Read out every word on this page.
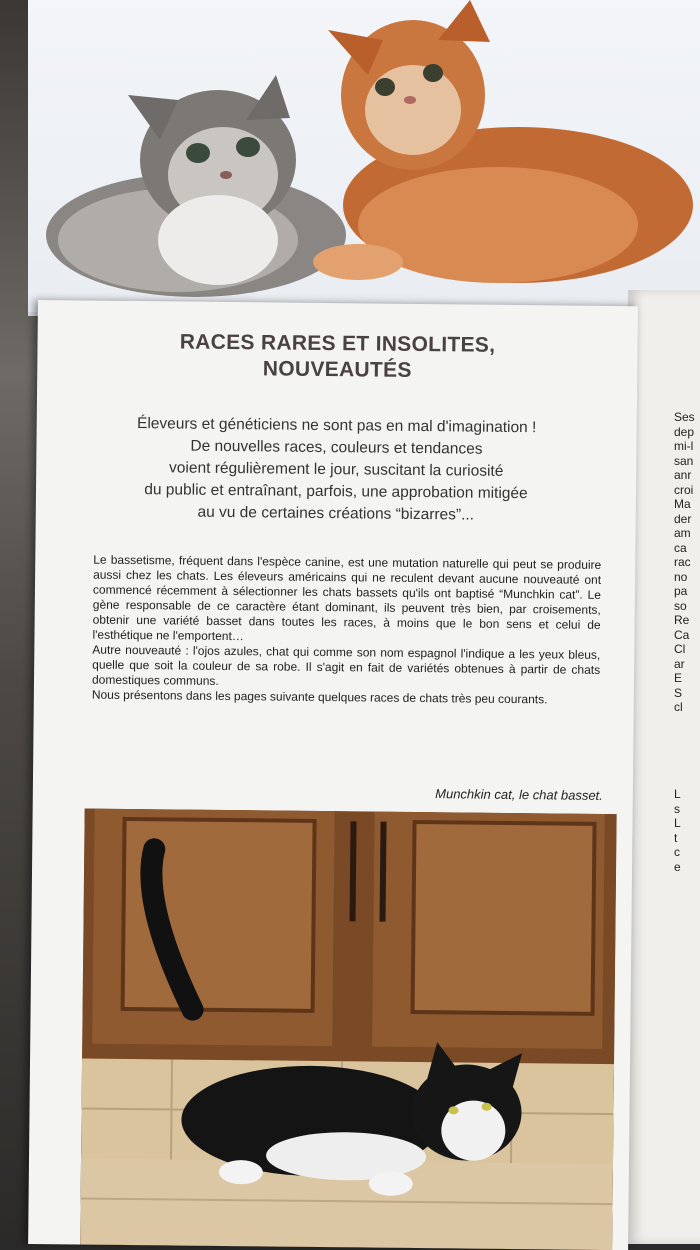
Ses
dep
mi-l
san
anr
croi
Ma
der
am
ca
rac
no
pa
so
Re
Ca
Cl
ar
E
S
cl

L
s
L
t
c
e
RACES RARES ET INSOLITES,
NOUVEAUTÉS
Éleveurs et généticiens ne sont pas en mal d'imagination !
De nouvelles races, couleurs et tendances
voient régulièrement le jour, suscitant la curiosité
du public et entraînant, parfois, une approbation mitigée
au vu de certaines créations “bizarres”...

Le bassetisme, fréquent dans l'espèce canine, est une mutation naturelle qui peut se produire aussi chez les chats. Les éleveurs américains qui ne reculent devant aucune nouveauté ont commencé récemment à sélectionner les chats bassets qu'ils ont baptisé “Munchkin cat”. Le gène responsable de ce caractère étant dominant, ils peuvent très bien, par croisements, obtenir une variété basset dans toutes les races, à moins que le bon sens et celui de l'esthétique ne l'emportent…

Autre nouveauté : l'ojos azules, chat qui comme son nom espagnol l'indique a les yeux bleus, quelle que soit la couleur de sa robe. Il s'agit en fait de variétés obtenues à partir de chats domestiques communs.

Nous présentons dans les pages suivante quelques races de chats très peu courants.

Munchkin cat, le chat basset.
